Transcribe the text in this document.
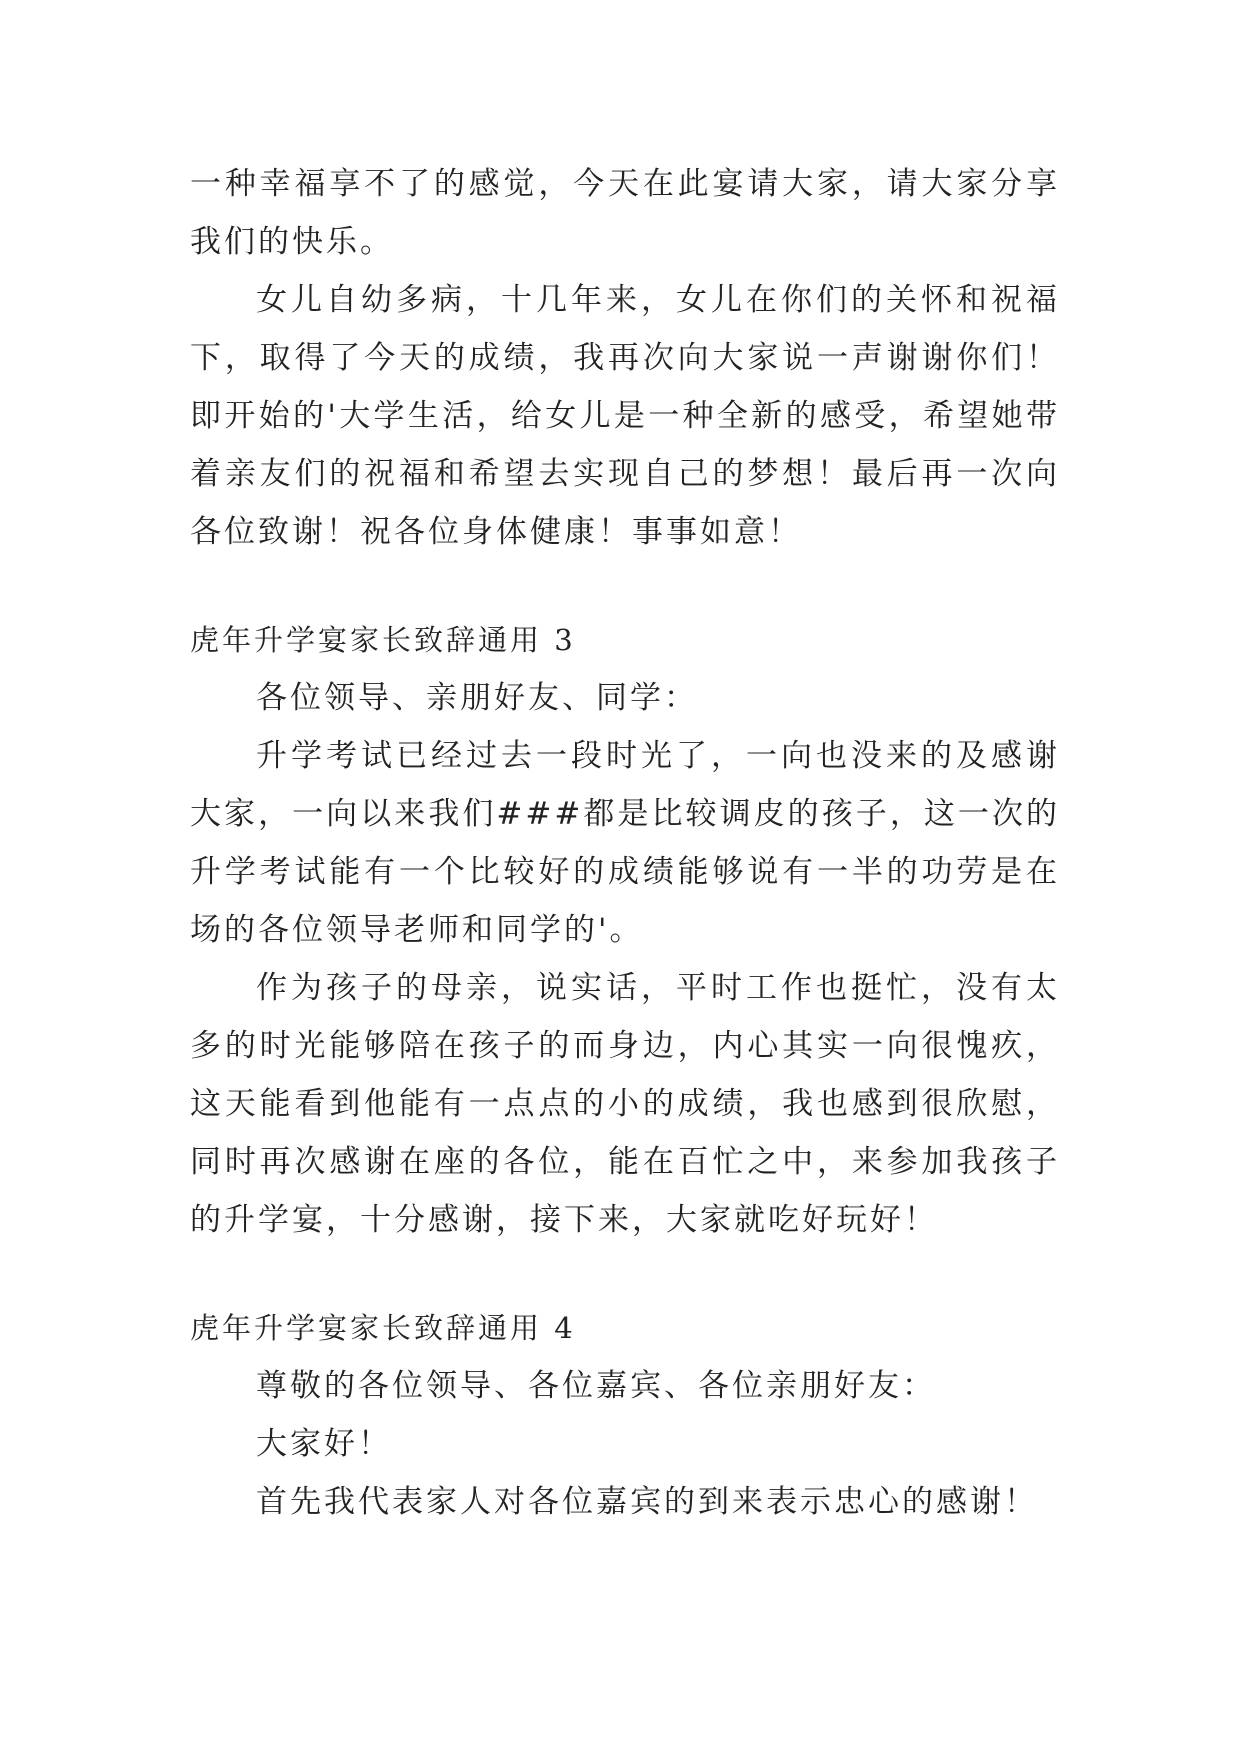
一种幸福享不了的感觉，今天在此宴请大家，请大家分享我们的快乐。

女儿自幼多病，十几年来，女儿在你们的关怀和祝福下，取得了今天的成绩，我再次向大家说一声谢谢你们！即开始的'大学生活，给女儿是一种全新的感受，希望她带着亲友们的祝福和希望去实现自己的梦想！最后再一次向各位致谢！祝各位身体健康！事事如意！

虎年升学宴家长致辞通用 3

各位领导、亲朋好友、同学：

升学考试已经过去一段时光了，一向也没来的及感谢大家，一向以来我们###都是比较调皮的孩子，这一次的升学考试能有一个比较好的成绩能够说有一半的功劳是在场的各位领导老师和同学的'。

作为孩子的母亲，说实话，平时工作也挺忙，没有太多的时光能够陪在孩子的而身边，内心其实一向很愧疚，这天能看到他能有一点点的小的成绩，我也感到很欣慰，同时再次感谢在座的各位，能在百忙之中，来参加我孩子的升学宴，十分感谢，接下来，大家就吃好玩好！

虎年升学宴家长致辞通用 4

尊敬的各位领导、各位嘉宾、各位亲朋好友：

大家好！

首先我代表家人对各位嘉宾的到来表示忠心的感谢！
